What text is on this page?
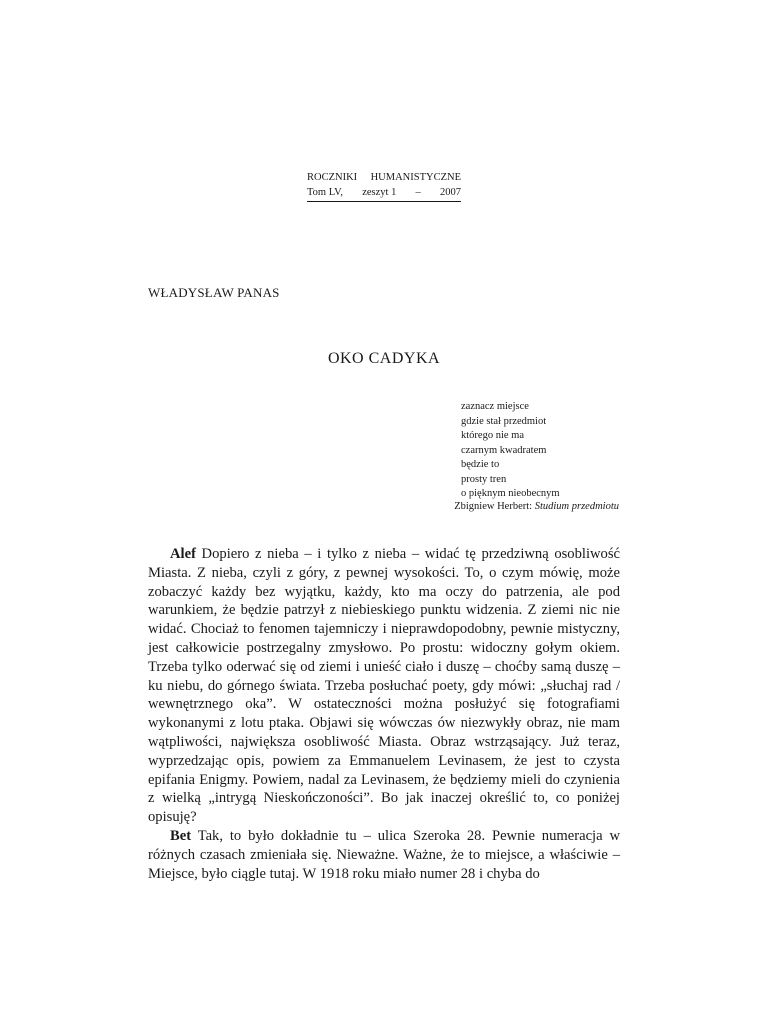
ROCZNIKI HUMANISTYCZNE
Tom LV, zeszyt 1 – 2007
WŁADYSŁAW PANAS
OKO CADYKA
zaznacz miejsce
gdzie stał przedmiot
którego nie ma
czarnym kwadratem
będzie to
prosty tren
o pięknym nieobecnym
Zbigniew Herbert: Studium przedmiotu

Alef Dopiero z nieba – i tylko z nieba – widać tę przedziwną osobliwość Miasta. Z nieba, czyli z góry, z pewnej wysokości. To, o czym mówię, może zobaczyć każdy bez wyjątku, każdy, kto ma oczy do patrzenia, ale pod warunkiem, że będzie patrzył z niebieskiego punktu widzenia. Z ziemi nic nie widać. Chociaż to fenomen tajemniczy i nieprawdopodobny, pewnie mistyczny, jest całkowicie postrzegalny zmysłowo. Po prostu: widoczny gołym okiem. Trzeba tylko oderwać się od ziemi i unieść ciało i duszę – choćby samą duszę – ku niebu, do górnego świata. Trzeba posłuchać poety, gdy mówi: „słuchaj rad / wewnętrznego oka”. W ostateczności można posłużyć się fotografiami wykonanymi z lotu ptaka. Objawi się wówczas ów niezwykły obraz, nie mam wątpliwości, największa osobliwość Miasta. Obraz wstrząsający. Już teraz, wyprzedzając opis, powiem za Emmanuelem Levinasem, że jest to czysta epifania Enigmy. Powiem, nadal za Levinasem, że będziemy mieli do czynienia z wielką „intrygą Nieskończoności”. Bo jak inaczej określić to, co poniżej opisuję?

Bet Tak, to było dokładnie tu – ulica Szeroka 28. Pewnie numeracja w różnych czasach zmieniała się. Nieważne. Ważne, że to miejsce, a właściwie – Miejsce, było ciągle tutaj. W 1918 roku miało numer 28 i chyba do
